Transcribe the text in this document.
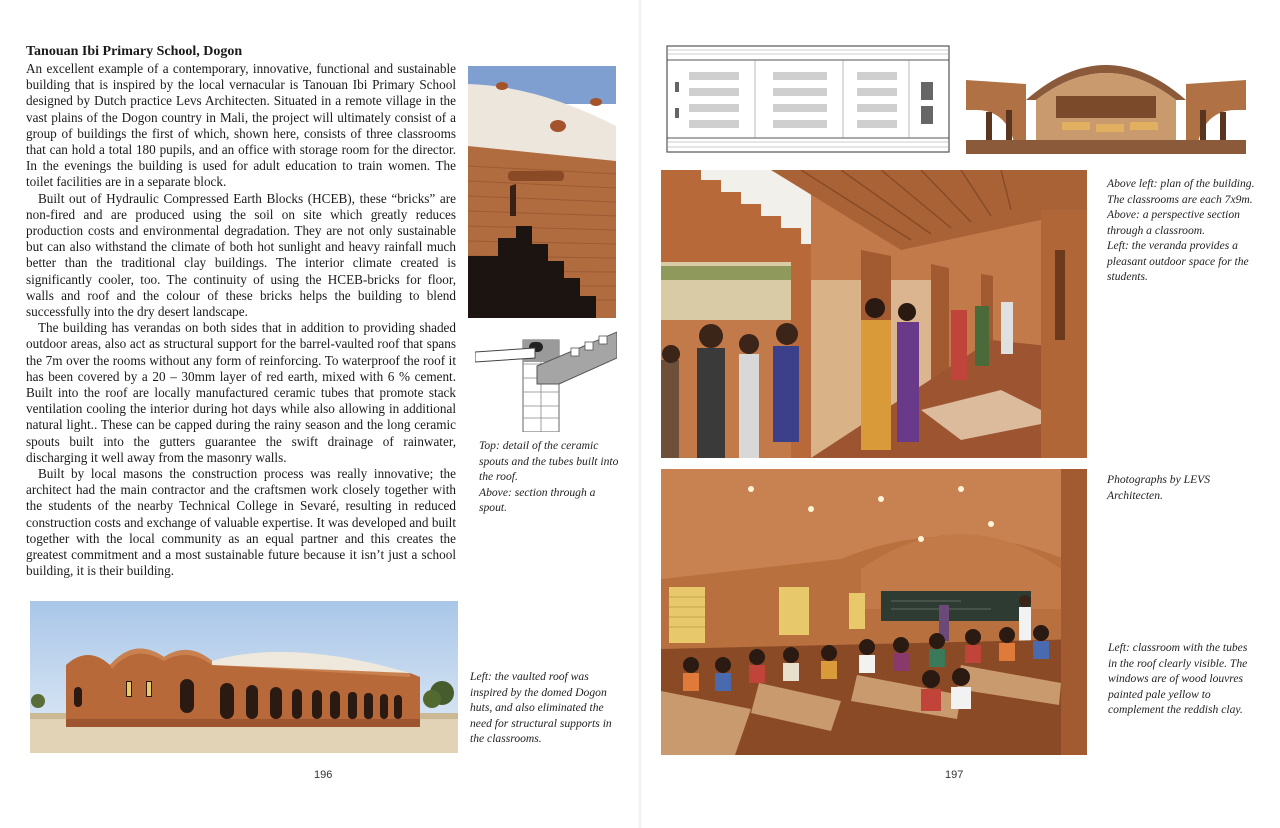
Tanouan Ibi Primary School, Dogon

An excellent example of a contemporary, innovative, functional and sustainable building that is inspired by the local vernacular is Tanouan Ibi Primary School designed by Dutch practice Levs Architecten. Situated in a remote village in the vast plains of the Dogon country in Mali, the project will ultimately consist of a group of buildings the first of which, shown here, consists of three classrooms that can hold a total 180 pupils, and an office with storage room for the director. In the evenings the building is used for adult education to train women. The toilet facilities are in a separate block.

Built out of Hydraulic Compressed Earth Blocks (HCEB), these “bricks” are non-fired and are produced using the soil on site which greatly reduces production costs and environmental degradation. They are not only sustainable but can also withstand the climate of both hot sunlight and heavy rainfall much better than the traditional clay buildings. The interior climate created is significantly cooler, too. The continuity of using the HCEB-bricks for floor, walls and roof and the colour of these bricks helps the building to blend successfully into the dry desert landscape.

The building has verandas on both sides that in addition to providing shaded outdoor areas, also act as structural support for the barrel-vaulted roof that spans the 7m over the rooms without any form of reinforcing. To waterproof the roof it has been covered by a 20 – 30mm layer of red earth, mixed with 6 % cement. Built into the roof are locally manufactured ceramic tubes that promote stack ventilation cooling the interior during hot days while also allowing in additional natural light.. These can be capped during the rainy season and the long ceramic spouts built into the gutters guarantee the swift drainage of rainwater, discharging it well away from the masonry walls.

Built by local masons the construction process was really innovative; the architect had the main contractor and the craftsmen work closely together with the students of the nearby Technical College in Sevaré, resulting in reduced construction costs and exchange of valuable expertise. It was developed and built together with the local community as an equal partner and this creates the greatest commitment and a most sustainable future because it isn’t just a school building, it is their building.

Top: detail of the ceramic spouts and the tubes built into the roof.
Above: section through a spout.
Left: the vaulted roof was inspired by the domed Dogon huts, and also eliminated the need for structural supports in the classrooms.
196
Above left: plan of the building. The classrooms are each 7x9m.
Above: a perspective section through a classroom.
Left: the veranda provides a pleasant outdoor space for the students.
Photographs by LEVS Architecten.
Left: classroom with the tubes in the roof clearly visible. The windows are of wood louvres painted pale yellow to complement the reddish clay.
197
